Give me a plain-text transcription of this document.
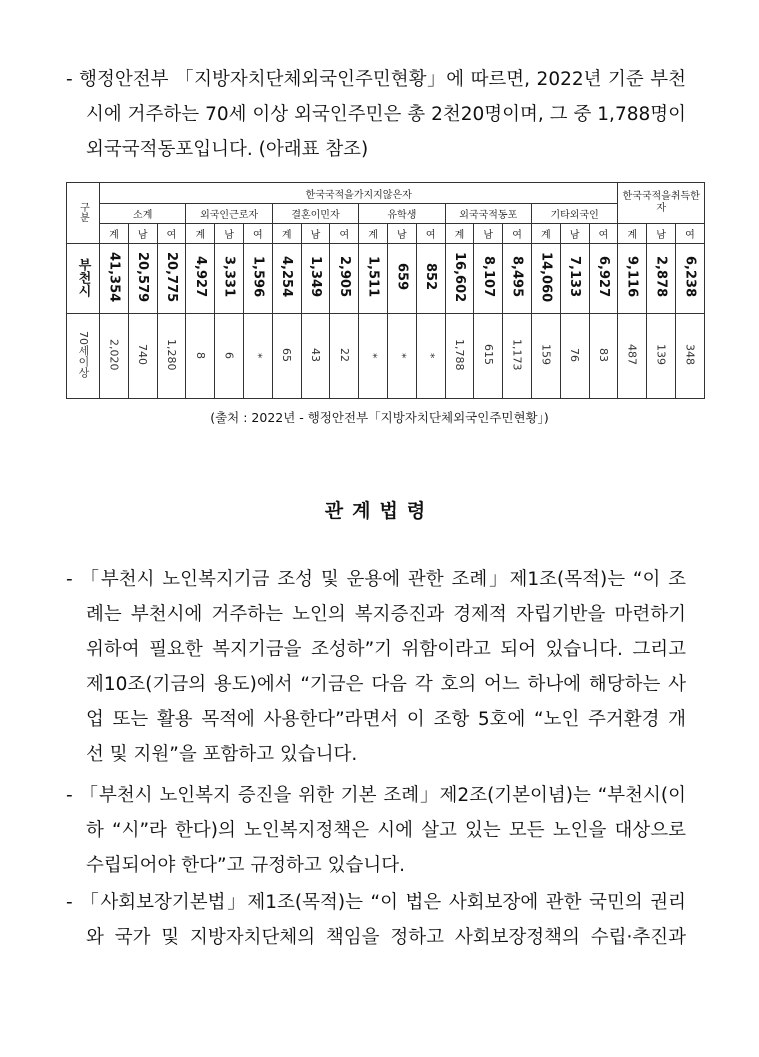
- 행정안전부 「지방자치단체외국인주민현황」에 따르면, 2022년 기준 부천
시에 거주하는 70세 이상 외국인주민은 총 2천20명이며, 그 중 1,788명이
외국국적동포입니다. (아래표 참조)
구분	한국국적을가지지않은자																		한국국적을취득한자		
	소계			외국인근로자			결혼이민자			유학생			외국국적동포			기타외국인					
	계	남	여	계	남	여	계	남	여	계	남	여	계	남	여	계	남	여	계	남	여
부천시	41,354	20,579	20,775	4,927	3,331	1,596	4,254	1,349	2,905	1,511	659	852	16,602	8,107	8,495	14,060	7,133	6,927	9,116	2,878	6,238
70세이상	2,020	740	1,280	8	6	*	65	43	22	*	*	*	1,788	615	1,173	159	76	83	487	139	348
(출처 : 2022년 - 행정안전부「지방자치단체외국인주민현황」)
관계법령
- 「부천시 노인복지기금 조성 및 운용에 관한 조례」제1조(목적)는 “이 조
례는 부천시에 거주하는 노인의 복지증진과 경제적 자립기반을 마련하기
위하여 필요한 복지기금을 조성하”기 위함이라고 되어 있습니다. 그리고
제10조(기금의 용도)에서 “기금은 다음 각 호의 어느 하나에 해당하는 사
업 또는 활용 목적에 사용한다”라면서 이 조항 5호에 “노인 주거환경 개
선 및 지원”을 포함하고 있습니다.
- 「부천시 노인복지 증진을 위한 기본 조례」제2조(기본이념)는 “부천시(이
하 “시”라 한다)의 노인복지정책은 시에 살고 있는 모든 노인을 대상으로
수립되어야 한다”고 규정하고 있습니다.
- 「사회보장기본법」제1조(목적)는 “이 법은 사회보장에 관한 국민의 권리
와 국가 및 지방자치단체의 책임을 정하고 사회보장정책의 수립·추진과
